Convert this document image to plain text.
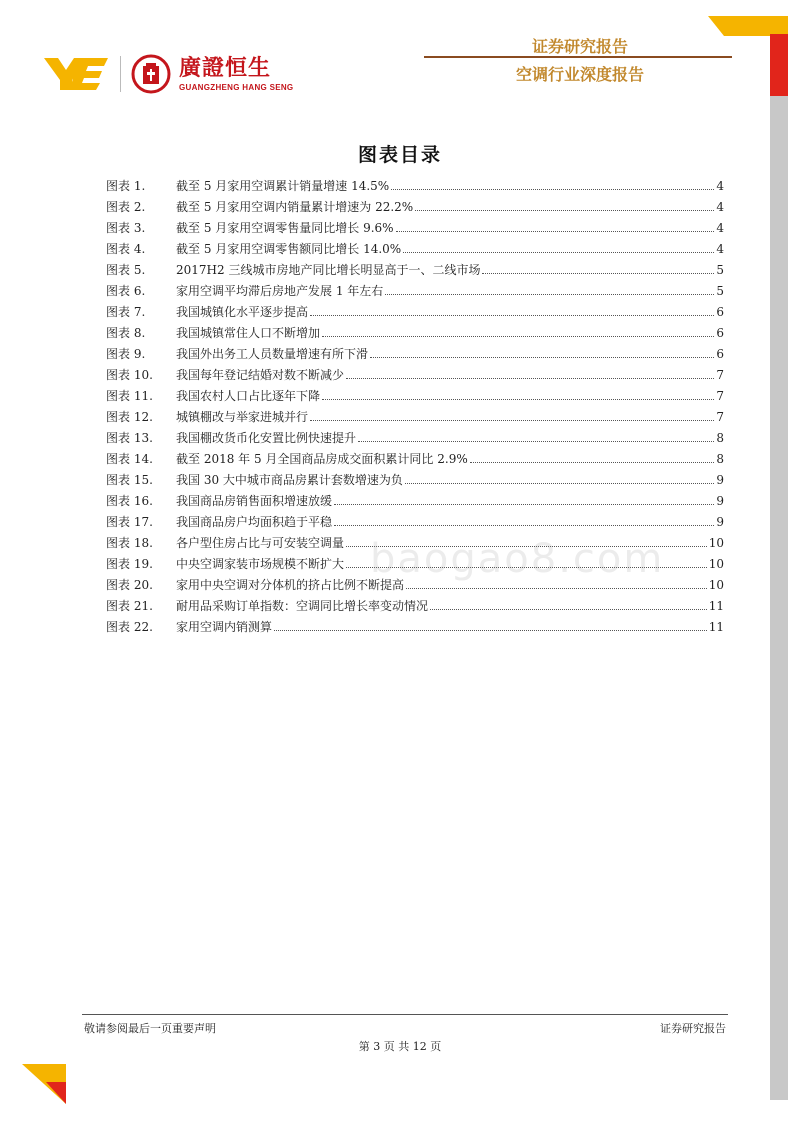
廣證恒生
GUANGZHENG HANG SENG
证券研究报告
空调行业深度报告
图表目录
图表 1.	截至 5 月家用空调累计销量增速 14.5%	4
图表 2.	截至 5 月家用空调内销量累计增速为 22.2%	4
图表 3.	截至 5 月家用空调零售量同比增长 9.6%	4
图表 4.	截至 5 月家用空调零售额同比增长 14.0%	4
图表 5.	2017H2 三线城市房地产同比增长明显高于一、二线市场	5
图表 6.	家用空调平均滞后房地产发展 1 年左右	5
图表 7.	我国城镇化水平逐步提高	6
图表 8.	我国城镇常住人口不断增加	6
图表 9.	我国外出务工人员数量增速有所下滑	6
图表 10.	我国每年登记结婚对数不断减少	7
图表 11.	我国农村人口占比逐年下降	7
图表 12.	城镇棚改与举家进城并行	7
图表 13.	我国棚改货币化安置比例快速提升	8
图表 14.	截至 2018 年 5 月全国商品房成交面积累计同比 2.9%	8
图表 15.	我国 30 大中城市商品房累计套数增速为负	9
图表 16.	我国商品房销售面积增速放缓	9
图表 17.	我国商品房户均面积趋于平稳	9
图表 18.	各户型住房占比与可安装空调量	10
图表 19.	中央空调家装市场规模不断扩大	10
图表 20.	家用中央空调对分体机的挤占比例不断提高	10
图表 21.	耐用品采购订单指数：空调同比增长率变动情况	11
图表 22.	家用空调内销测算	11
baogao8.com
敬请参阅最后一页重要声明	证券研究报告
第 3 页 共 12 页
